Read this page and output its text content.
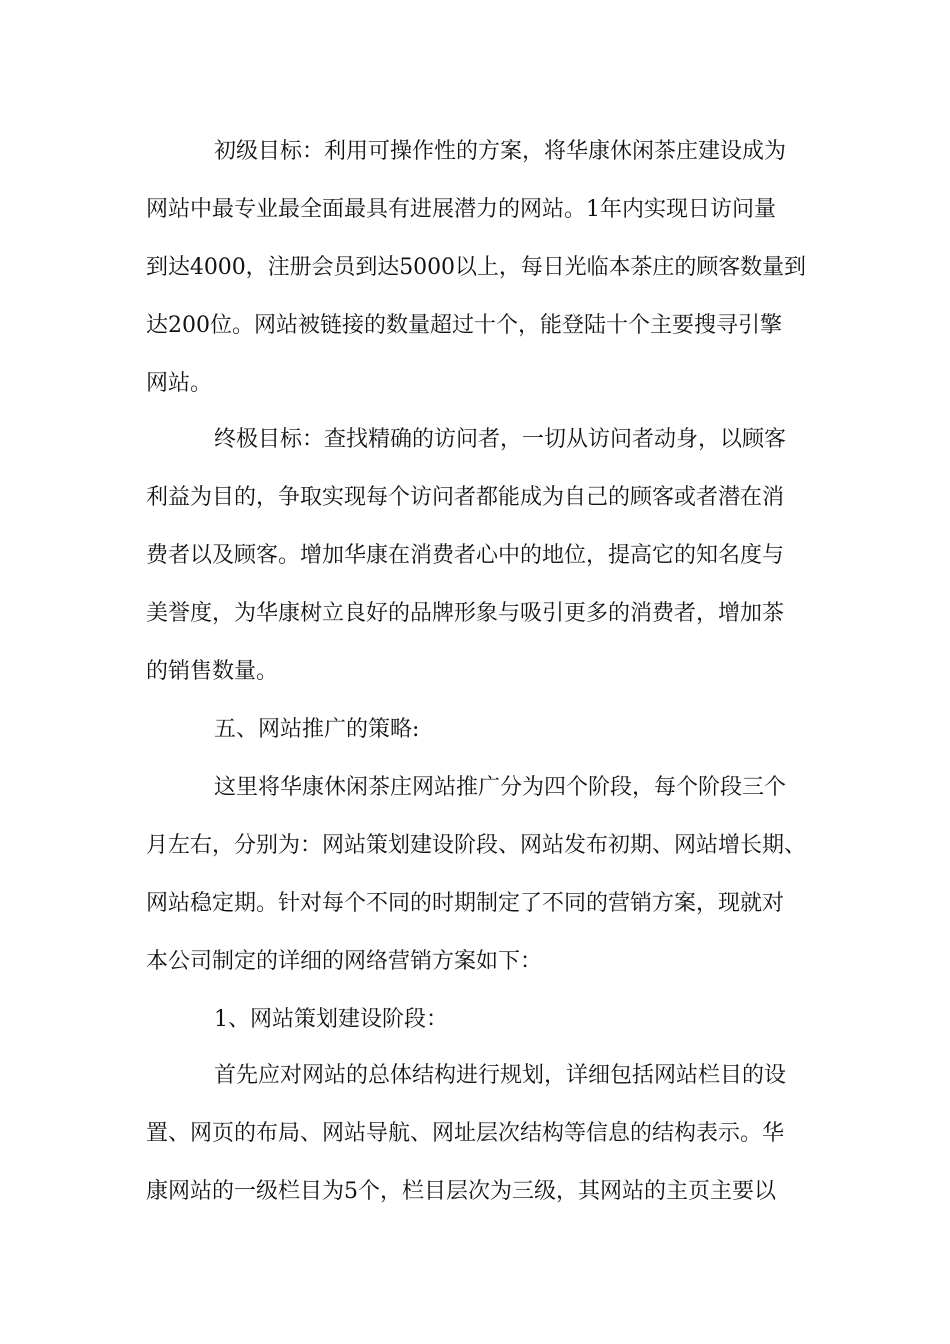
初级目标：利用可操作性的方案，将华康休闲茶庄建设成为
网站中最专业最全面最具有进展潜力的网站。1年内实现日访问量
到达4000，注册会员到达5000以上，每日光临本茶庄的顾客数量到
达200位。网站被链接的数量超过十个，能登陆十个主要搜寻引擎
网站。
终极目标：查找精确的访问者，一切从访问者动身，以顾客
利益为目的，争取实现每个访问者都能成为自己的顾客或者潜在消
费者以及顾客。增加华康在消费者心中的地位，提高它的知名度与
美誉度，为华康树立良好的品牌形象与吸引更多的消费者，增加茶
的销售数量。
五、网站推广的策略:
这里将华康休闲茶庄网站推广分为四个阶段，每个阶段三个
月左右，分别为：网站策划建设阶段、网站发布初期、网站增长期、
网站稳定期。针对每个不同的时期制定了不同的营销方案，现就对
本公司制定的详细的网络营销方案如下：
1、网站策划建设阶段：
首先应对网站的总体结构进行规划，详细包括网站栏目的设
置、网页的布局、网站导航、网址层次结构等信息的结构表示。华
康网站的一级栏目为5个，栏目层次为三级，其网站的主页主要以
